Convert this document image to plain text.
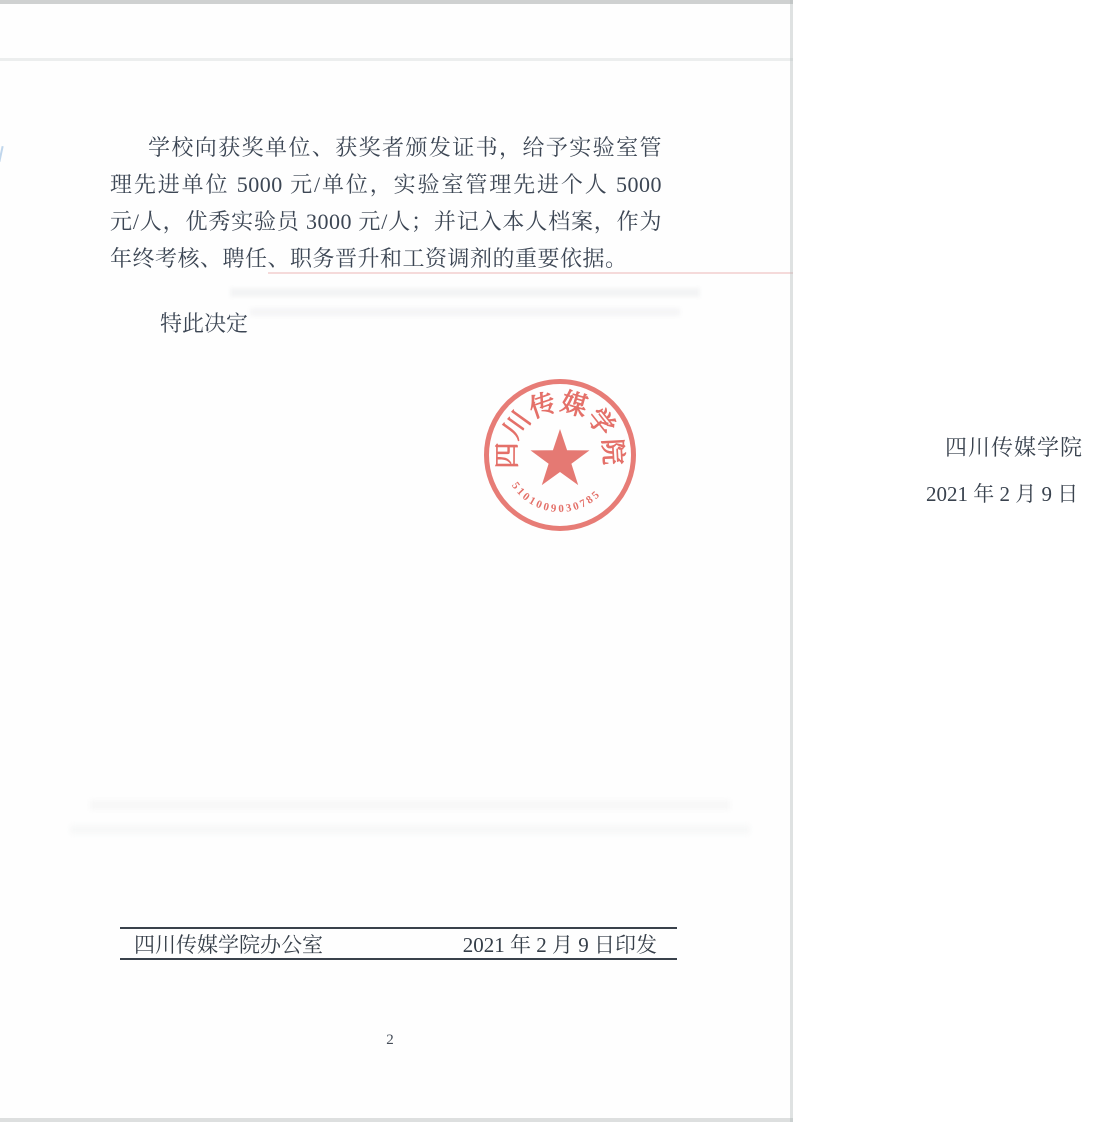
学校向获奖单位、获奖者颁发证书，给予实验室管理先进单位 5000 元/单位，实验室管理先进个人 5000 元/人，优秀实验员 3000 元/人；并记入本人档案，作为年终考核、聘任、职务晋升和工资调剂的重要依据。

特此决定

四川传媒学院
5101009030785
四川传媒学院
2021 年 2 月 9 日
四川传媒学院办公室	2021 年 2 月 9 日印发
2
